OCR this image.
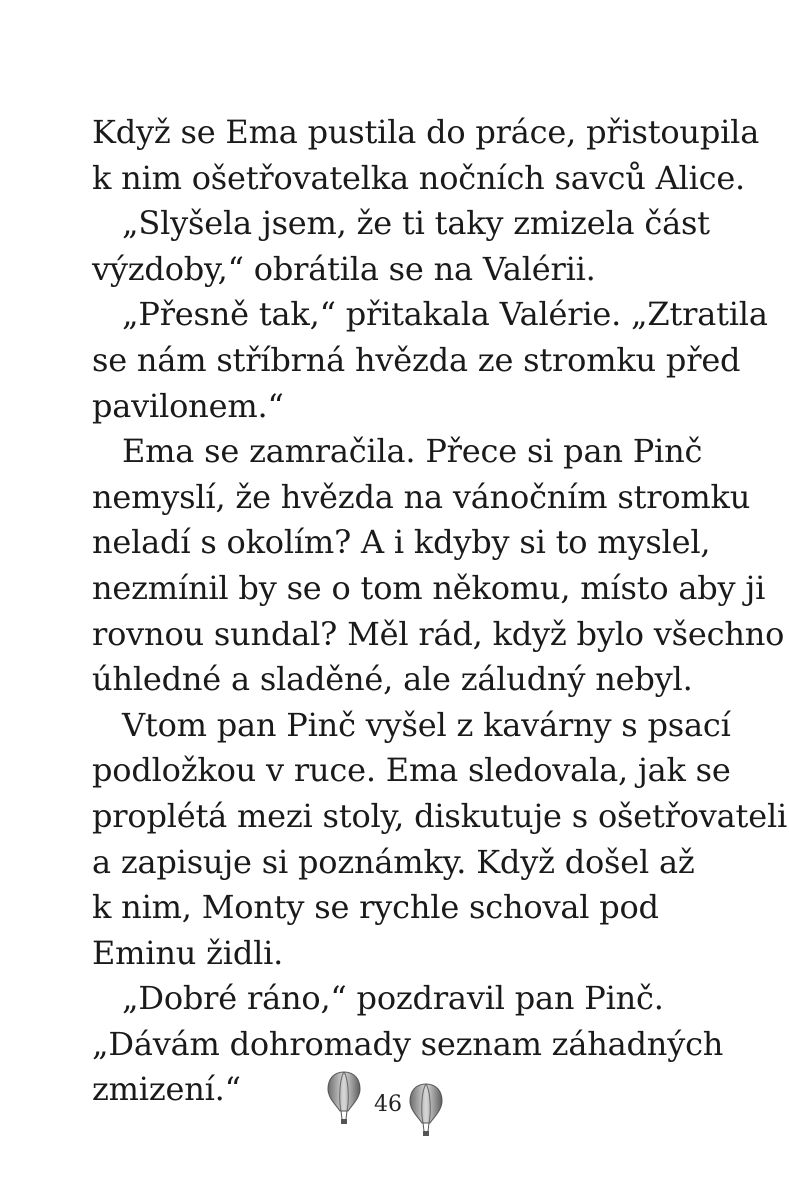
Když se Ema pustila do práce, přistoupila
k nim ošetřovatelka nočních savců Alice.
„Slyšela jsem, že ti taky zmizela část
výzdoby,“ obrátila se na Valérii.
„Přesně tak,“ přitakala Valérie. „Ztratila
se nám stříbrná hvězda ze stromku před
pavilonem.“
Ema se zamračila. Přece si pan Pinč
nemyslí, že hvězda na vánočním stromku
neladí s okolím? A i kdyby si to myslel,
nezmínil by se o tom někomu, místo aby ji
rovnou sundal? Měl rád, když bylo všechno
úhledné a sladěné, ale záludný nebyl.
Vtom pan Pinč vyšel z kavárny s psací
podložkou v ruce. Ema sledovala, jak se
proplétá mezi stoly, diskutuje s ošetřovateli
a zapisuje si poznámky. Když došel až
k nim, Monty se rychle schoval pod
Eminu židli.
„Dobré ráno,“ pozdravil pan Pinč.
„Dávám dohromady seznam záhadných
zmizení.“	46
